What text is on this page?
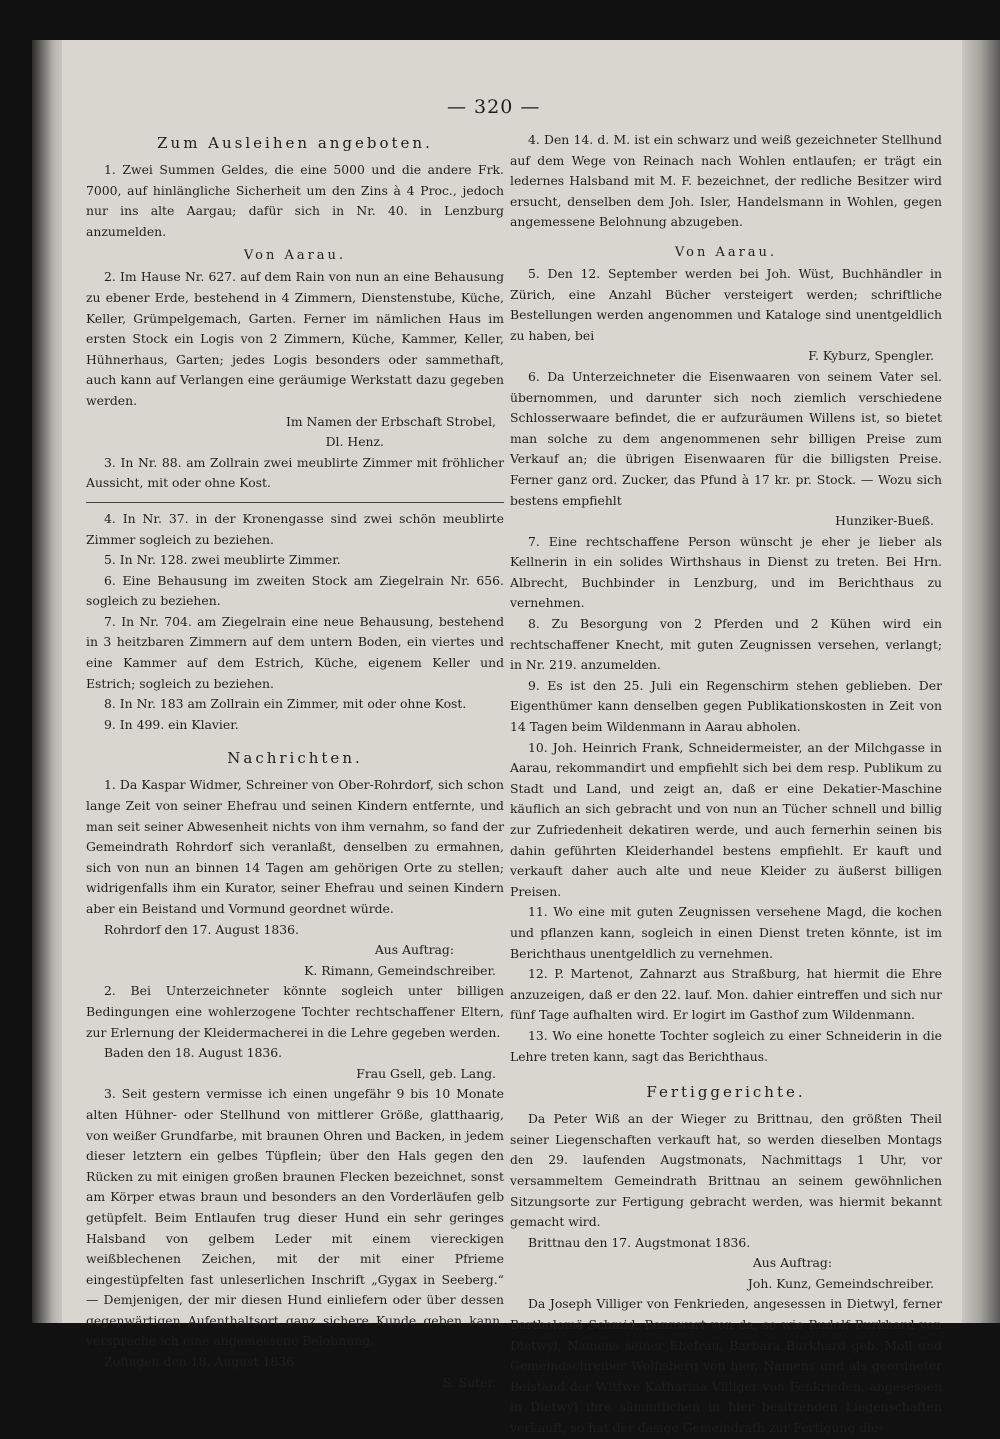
— 320 —
Zum Ausleihen angeboten.

1. Zwei Summen Geldes, die eine 5000 und die andere Frk. 7000, auf hinlängliche Sicherheit um den Zins à 4 Proc., jedoch nur ins alte Aargau; dafür sich in Nr. 40. in Lenzburg anzumelden.

Von Aarau.

2. Im Hause Nr. 627. auf dem Rain von nun an eine Behausung zu ebener Erde, bestehend in 4 Zimmern, Dienstenstube, Küche, Keller, Grümpelgemach, Garten. Ferner im nämlichen Haus im ersten Stock ein Logis von 2 Zimmern, Küche, Kammer, Keller, Hühnerhaus, Garten; jedes Logis besonders oder sammethaft, auch kann auf Verlangen eine geräumige Werkstatt dazu gegeben werden.

Im Namen der Erbschaft Strobel,

Dl. Henz.

3. In Nr. 88. am Zollrain zwei meublirte Zimmer mit fröhlicher Aussicht, mit oder ohne Kost.

4. In Nr. 37. in der Kronengasse sind zwei schön meublirte Zimmer sogleich zu beziehen.

5. In Nr. 128. zwei meublirte Zimmer.

6. Eine Behausung im zweiten Stock am Ziegelrain Nr. 656. sogleich zu beziehen.

7. In Nr. 704. am Ziegelrain eine neue Behausung, bestehend in 3 heitzbaren Zimmern auf dem untern Boden, ein viertes und eine Kammer auf dem Estrich, Küche, eigenem Keller und Estrich; sogleich zu beziehen.

8. In Nr. 183 am Zollrain ein Zimmer, mit oder ohne Kost.

9. In 499. ein Klavier.

Nachrichten.

1. Da Kaspar Widmer, Schreiner von Ober-Rohrdorf, sich schon lange Zeit von seiner Ehefrau und seinen Kindern entfernte, und man seit seiner Abwesenheit nichts von ihm vernahm, so fand der Gemeindrath Rohrdorf sich veranlaßt, denselben zu ermahnen, sich von nun an binnen 14 Tagen am gehörigen Orte zu stellen; widrigenfalls ihm ein Kurator, seiner Ehefrau und seinen Kindern aber ein Beistand und Vormund geordnet würde.

Rohrdorf den 17. August 1836.

Aus Auftrag:

K. Rimann, Gemeindschreiber.

2. Bei Unterzeichneter könnte sogleich unter billigen Bedingungen eine wohlerzogene Tochter rechtschaffener Eltern, zur Erlernung der Kleidermacherei in die Lehre gegeben werden.

Baden den 18. August 1836.

Frau Gsell, geb. Lang.

3. Seit gestern vermisse ich einen ungefähr 9 bis 10 Monate alten Hühner- oder Stellhund von mittlerer Größe, glatthaarig, von weißer Grundfarbe, mit braunen Ohren und Backen, in jedem dieser letztern ein gelbes Tüpflein; über den Hals gegen den Rücken zu mit einigen großen braunen Flecken bezeichnet, sonst am Körper etwas braun und besonders an den Vorderläufen gelb getüpfelt. Beim Entlaufen trug dieser Hund ein sehr geringes Halsband von gelbem Leder mit einem viereckigen weißblechenen Zeichen, mit der mit einer Pfrieme eingestüpfelten fast unleserlichen Inschrift „Gygax in Seeberg.“ — Demjenigen, der mir diesen Hund einliefern oder über dessen gegenwärtigen Aufenthaltsort ganz sichere Kunde geben kann, verspreche ich eine angemessene Belohnung.

Zofingen den 18. August 1836

S. Suter.

4. Den 14. d. M. ist ein schwarz und weiß gezeichneter Stellhund auf dem Wege von Reinach nach Wohlen entlaufen; er trägt ein ledernes Halsband mit M. F. bezeichnet, der redliche Besitzer wird ersucht, denselben dem Joh. Isler, Handelsmann in Wohlen, gegen angemessene Belohnung abzugeben.

Von Aarau.

5. Den 12. September werden bei Joh. Wüst, Buchhändler in Zürich, eine Anzahl Bücher versteigert werden; schriftliche Bestellungen werden angenommen und Kataloge sind unentgeldlich zu haben, bei

F. Kyburz, Spengler.

6. Da Unterzeichneter die Eisenwaaren von seinem Vater sel. übernommen, und darunter sich noch ziemlich verschiedene Schlosserwaare befindet, die er aufzuräumen Willens ist, so bietet man solche zu dem angenommenen sehr billigen Preise zum Verkauf an; die übrigen Eisenwaaren für die billigsten Preise. Ferner ganz ord. Zucker, das Pfund à 17 kr. pr. Stock. — Wozu sich bestens empfiehlt

Hunziker-Bueß.

7. Eine rechtschaffene Person wünscht je eher je lieber als Kellnerin in ein solides Wirthshaus in Dienst zu treten. Bei Hrn. Albrecht, Buchbinder in Lenzburg, und im Berichthaus zu vernehmen.

8. Zu Besorgung von 2 Pferden und 2 Kühen wird ein rechtschaffener Knecht, mit guten Zeugnissen versehen, verlangt; in Nr. 219. anzumelden.

9. Es ist den 25. Juli ein Regenschirm stehen geblieben. Der Eigenthümer kann denselben gegen Publikationskosten in Zeit von 14 Tagen beim Wildenmann in Aarau abholen.

10. Joh. Heinrich Frank, Schneidermeister, an der Milchgasse in Aarau, rekommandirt und empfiehlt sich bei dem resp. Publikum zu Stadt und Land, und zeigt an, daß er eine Dekatier-Maschine käuflich an sich gebracht und von nun an Tücher schnell und billig zur Zufriedenheit dekatiren werde, und auch fernerhin seinen bis dahin geführten Kleiderhandel bestens empfiehlt. Er kauft und verkauft daher auch alte und neue Kleider zu äußerst billigen Preisen.

11. Wo eine mit guten Zeugnissen versehene Magd, die kochen und pflanzen kann, sogleich in einen Dienst treten könnte, ist im Berichthaus unentgeldlich zu vernehmen.

12. P. Martenot, Zahnarzt aus Straßburg, hat hiermit die Ehre anzuzeigen, daß er den 22. lauf. Mon. dahier eintreffen und sich nur fünf Tage aufhalten wird. Er logirt im Gasthof zum Wildenmann.

13. Wo eine honette Tochter sogleich zu einer Schneiderin in die Lehre treten kann, sagt das Berichthaus.

Fertiggerichte.

Da Peter Wiß an der Wieger zu Brittnau, den größten Theil seiner Liegenschaften verkauft hat, so werden dieselben Montags den 29. laufenden Augstmonats, Nachmittags 1 Uhr, vor versammeltem Gemeindrath Brittnau an seinem gewöhnlichen Sitzungsorte zur Fertigung gebracht werden, was hiermit bekannt gemacht wird.

Brittnau den 17. Augstmonat 1836.

Aus Auftrag:

Joh. Kunz, Gemeindschreiber.

Da Joseph Villiger von Fenkrieden, angesessen in Dietwyl, ferner Bartholomä Schmid, Bannwart von da, so wie Rudolf Burkhard von Dietwyl, Namens seiner Ehefrau, Barbara Burkhard geb. Moll und Gemeindschreiber Wolfisberg von hier, Namens und als geordneter Beistand der Wittwe Katharina Villiger von Fenkrieden, angesessen in Dietwyl ihre sämmtlichen in hier besitzenden Liegenschaften verkauft, so hat der dasige Gemeindrath zur Fertigung die-
